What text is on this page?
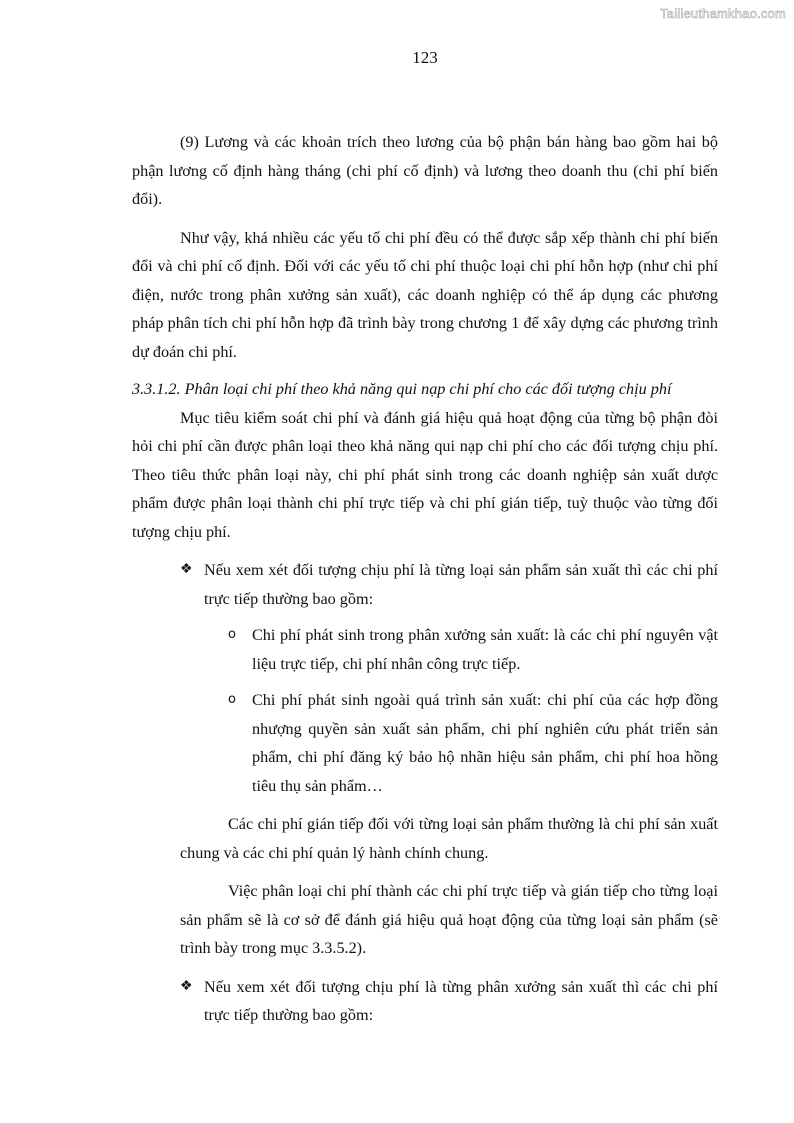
Tailieuthamkhao.com
123

(9) Lương và các khoản trích theo lương của bộ phận bán hàng bao gồm hai bộ phận lương cố định hàng tháng (chi phí cố định) và lương theo doanh thu (chi phí biến đổi).

Như vậy, khá nhiều các yếu tố chi phí đều có thể được sắp xếp thành chi phí biến đổi và chi phí cố định. Đối với các yếu tố chi phí thuộc loại chi phí hỗn hợp (như chi phí điện, nước trong phân xưởng sản xuất), các doanh nghiệp có thể áp dụng các phương pháp phân tích chi phí hỗn hợp đã trình bày trong chương 1 để xây dựng các phương trình dự đoán chi phí.

3.3.1.2. Phân loại chi phí theo khả năng qui nạp chi phí cho các đối tượng chịu phí

Mục tiêu kiểm soát chi phí và đánh giá hiệu quả hoạt động của từng bộ phận đòi hỏi chi phí cần được phân loại theo khả năng qui nạp chi phí cho các đối tượng chịu phí. Theo tiêu thức phân loại này, chi phí phát sinh trong các doanh nghiệp sản xuất dược phẩm được phân loại thành chi phí trực tiếp và chi phí gián tiếp, tuỳ thuộc vào từng đối tượng chịu phí.

❖ Nếu xem xét đối tượng chịu phí là từng loại sản phẩm sản xuất thì các chi phí trực tiếp thường bao gồm:
o Chi phí phát sinh trong phân xưởng sản xuất: là các chi phí nguyên vật liệu trực tiếp, chi phí nhân công trực tiếp.
o Chi phí phát sinh ngoài quá trình sản xuất: chi phí của các hợp đồng nhượng quyền sản xuất sản phẩm, chi phí nghiên cứu phát triển sản phẩm, chi phí đăng ký bảo hộ nhãn hiệu sản phẩm, chi phí hoa hồng tiêu thụ sản phẩm…

Các chi phí gián tiếp đối với từng loại sản phẩm thường là chi phí sản xuất chung và các chi phí quản lý hành chính chung.

Việc phân loại chi phí thành các chi phí trực tiếp và gián tiếp cho từng loại sản phẩm sẽ là cơ sở để đánh giá hiệu quả hoạt động của từng loại sản phẩm (sẽ trình bày trong mục 3.3.5.2).

❖ Nếu xem xét đối tượng chịu phí là từng phân xưởng sản xuất thì các chi phí trực tiếp thường bao gồm:
